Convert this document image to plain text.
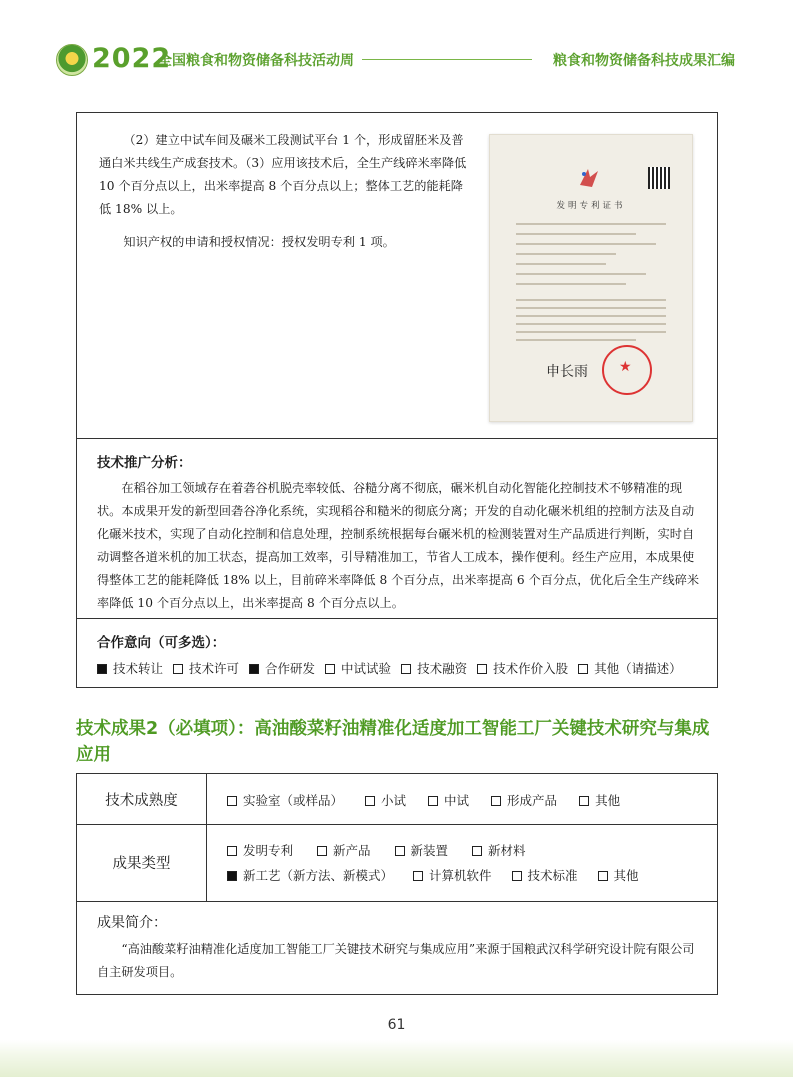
2022
全国粮食和物资储备科技活动周	粮食和物资储备科技成果汇编

（2）建立中试车间及碾米工段测试平台 1 个，形成留胚米及普通白米共线生产成套技术。（3）应用该技术后，全生产线碎米率降低 10 个百分点以上，出米率提高 8 个百分点以上；整体工艺的能耗降低 18% 以上。

知识产权的申请和授权情况：授权发明专利 1 项。

发明专利证书
★
申长雨

技术推广分析：

在稻谷加工领域存在着砻谷机脱壳率较低、谷糙分离不彻底，碾米机自动化智能化控制技术不够精准的现状。本成果开发的新型回砻谷净化系统，实现稻谷和糙米的彻底分离；开发的自动化碾米机组的控制方法及自动化碾米技术，实现了自动化控制和信息处理，控制系统根据每台碾米机的检测装置对生产品质进行判断，实时自动调整各道米机的加工状态，提高加工效率，引导精准加工，节省人工成本，操作便利。经生产应用，本成果使得整体工艺的能耗降低 18% 以上，目前碎米率降低 8 个百分点，出米率提高 6 个百分点，优化后全生产线碎米率降低 10 个百分点以上，出米率提高 8 个百分点以上。

合作意向（可多选）：

技术转让 技术许可 合作研发 中试试验 技术融资 技术作价入股 其他（请描述）
技术成果2（必填项）：高油酸菜籽油精准化适度加工智能工厂关键技术研究与集成应用
技术成熟度	实验室（或样品）	小试	中试	形成产品	其他
成果类型
发明专利	新产品	新装置	新材料
新工艺（新方法、新模式）	计算机软件	技术标准	其他

成果简介：

“高油酸菜籽油精准化适度加工智能工厂关键技术研究与集成应用”来源于国粮武汉科学研究设计院有限公司自主研发项目。

61
